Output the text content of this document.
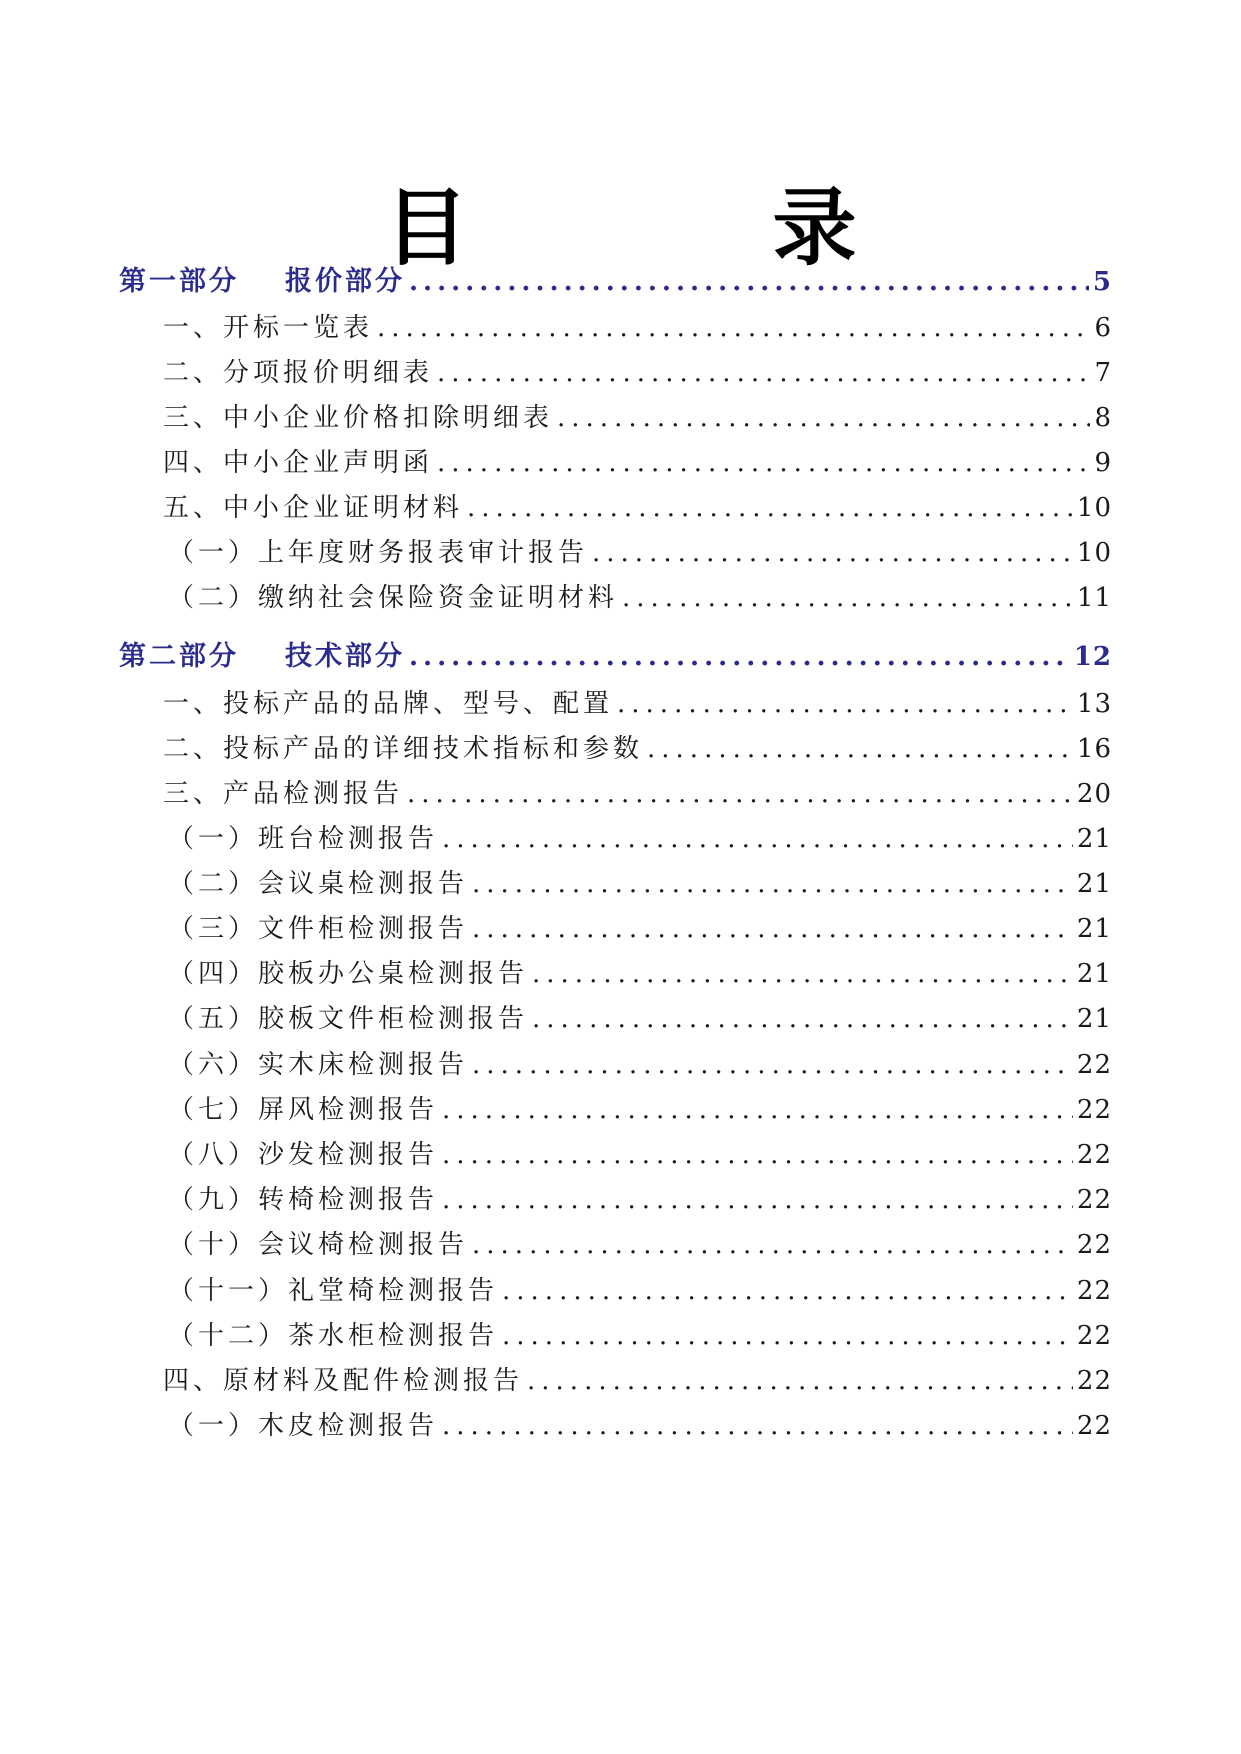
目　录
第一部分 报价部分 .....	5
一、开标一览表 .....	6
二、分项报价明细表 .....	7
三、中小企业价格扣除明细表 .....	8
四、中小企业声明函 .....	9
五、中小企业证明材料 .....	10
（一）上年度财务报表审计报告 .....	10
（二）缴纳社会保险资金证明材料 .....	11
第二部分 技术部分 .....	12
一、投标产品的品牌、型号、配置 .....	13
二、投标产品的详细技术指标和参数 .....	16
三、产品检测报告 .....	20
（一）班台检测报告 .....	21
（二）会议桌检测报告 .....	21
（三）文件柜检测报告 .....	21
（四）胶板办公桌检测报告 .....	21
（五）胶板文件柜检测报告 .....	21
（六）实木床检测报告 .....	22
（七）屏风检测报告 .....	22
（八）沙发检测报告 .....	22
（九）转椅检测报告 .....	22
（十）会议椅检测报告 .....	22
（十一）礼堂椅检测报告 .....	22
（十二）茶水柜检测报告 .....	22
四、原材料及配件检测报告 .....	22
（一）木皮检测报告 .....	22
